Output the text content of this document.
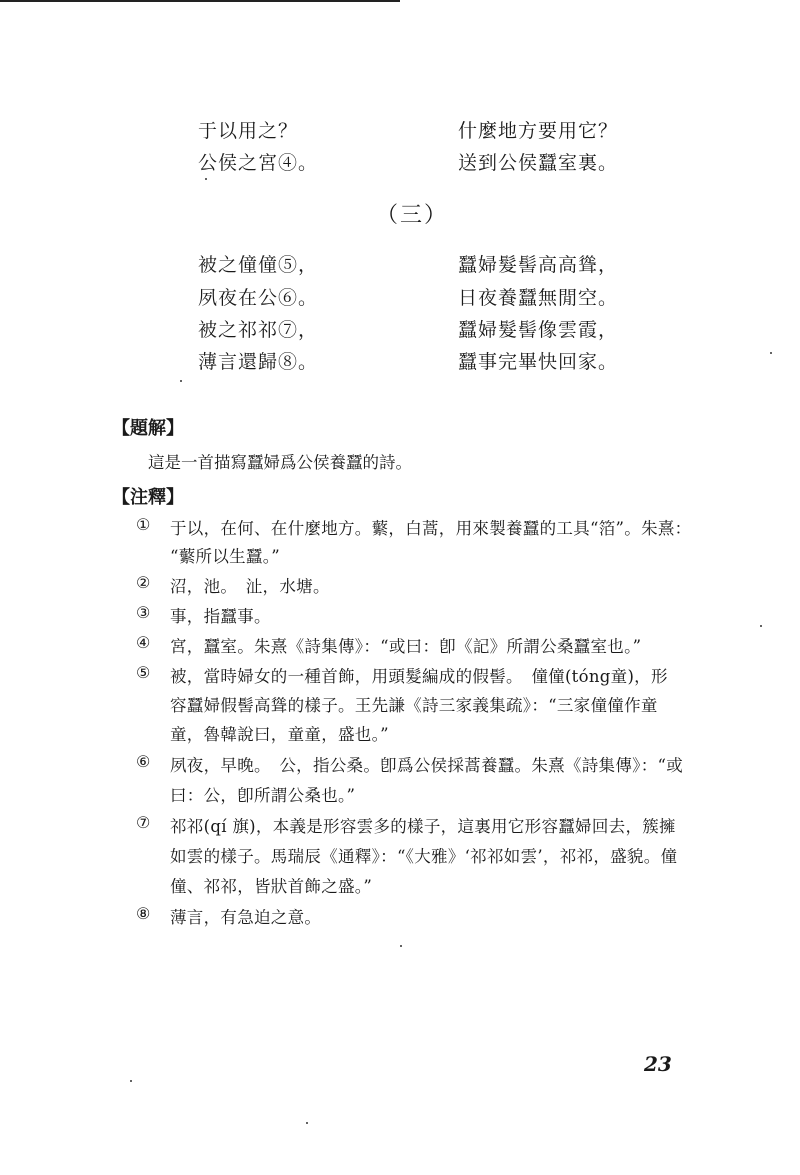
于以用之？	什麼地方要用它？
公侯之宮④。	送到公侯蠶室裏。
（三）
被之僮僮⑤，	蠶婦髮髻高高聳，
夙夜在公⑥。	日夜養蠶無閒空。
被之祁祁⑦，	蠶婦髮髻像雲霞，
薄言還歸⑧。	蠶事完畢快回家。
【題解】
這是一首描寫蠶婦爲公侯養蠶的詩。
【注釋】
① 于以，在何、在什麼地方。蘩，白蒿，用來製養蠶的工具“箔”。朱熹：
“蘩所以生蠶。”
② 沼，池。　沚，水塘。
③ 事，指蠶事。
④ 宮，蠶室。朱熹《詩集傳》：“或曰：卽《記》所謂公桑蠶室也。”
⑤ 被，當時婦女的一種首飾，用頭髮編成的假髻。　僮僮(tóng童)，形
容蠶婦假髻高聳的樣子。王先謙《詩三家義集疏》：“三家僮僮作童
童，魯韓說曰，童童，盛也。”
⑥ 夙夜，早晚。　公，指公桑。卽爲公侯採蒿養蠶。朱熹《詩集傳》：“或
曰：公，卽所謂公桑也。”
⑦ 祁祁(qí 旗)，本義是形容雲多的樣子，這裏用它形容蠶婦回去，簇擁
如雲的樣子。馬瑞辰《通釋》：“《大雅》‘祁祁如雲’，祁祁，盛貌。僮
僮、祁祁，皆狀首飾之盛。”
⑧ 薄言，有急迫之意。
23
